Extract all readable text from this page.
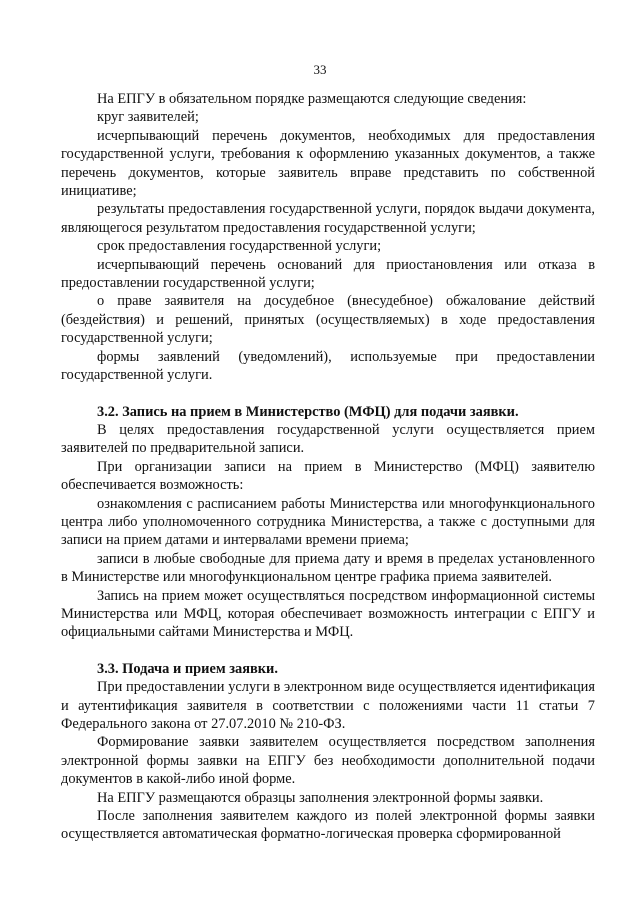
33

На ЕПГУ в обязательном порядке размещаются следующие сведения:

круг заявителей;

исчерпывающий перечень документов, необходимых для предоставления государственной услуги, требования к оформлению указанных документов, а также перечень документов, которые заявитель вправе представить по собственной инициативе;

результаты предоставления государственной услуги, порядок выдачи документа, являющегося результатом предоставления государственной услуги;

срок предоставления государственной услуги;

исчерпывающий перечень оснований для приостановления или отказа в предоставлении государственной услуги;

о праве заявителя на досудебное (внесудебное) обжалование действий (бездействия) и решений, принятых (осуществляемых) в ходе предоставления государственной услуги;

формы заявлений (уведомлений), используемые при предоставлении государственной услуги.

3.2. Запись на прием в Министерство (МФЦ) для подачи заявки.

В целях предоставления государственной услуги осуществляется прием заявителей по предварительной записи.

При организации записи на прием в Министерство (МФЦ) заявителю обеспечивается возможность:

ознакомления с расписанием работы Министерства или многофункционального центра либо уполномоченного сотрудника Министерства, а также с доступными для записи на прием датами и интервалами времени приема;

записи в любые свободные для приема дату и время в пределах установленного в Министерстве или многофункциональном центре графика приема заявителей.

Запись на прием может осуществляться посредством информационной системы Министерства или МФЦ, которая обеспечивает возможность интеграции с ЕПГУ и официальными сайтами Министерства и МФЦ.

3.3. Подача и прием заявки.

При предоставлении услуги в электронном виде осуществляется идентификация и аутентификация заявителя в соответствии с положениями части 11 статьи 7 Федерального закона от 27.07.2010 № 210-ФЗ.

Формирование заявки заявителем осуществляется посредством заполнения электронной формы заявки на ЕПГУ без необходимости дополнительной подачи документов в какой-либо иной форме.

На ЕПГУ размещаются образцы заполнения электронной формы заявки.

После заполнения заявителем каждого из полей электронной формы заявки осуществляется автоматическая форматно-логическая проверка сформированной
